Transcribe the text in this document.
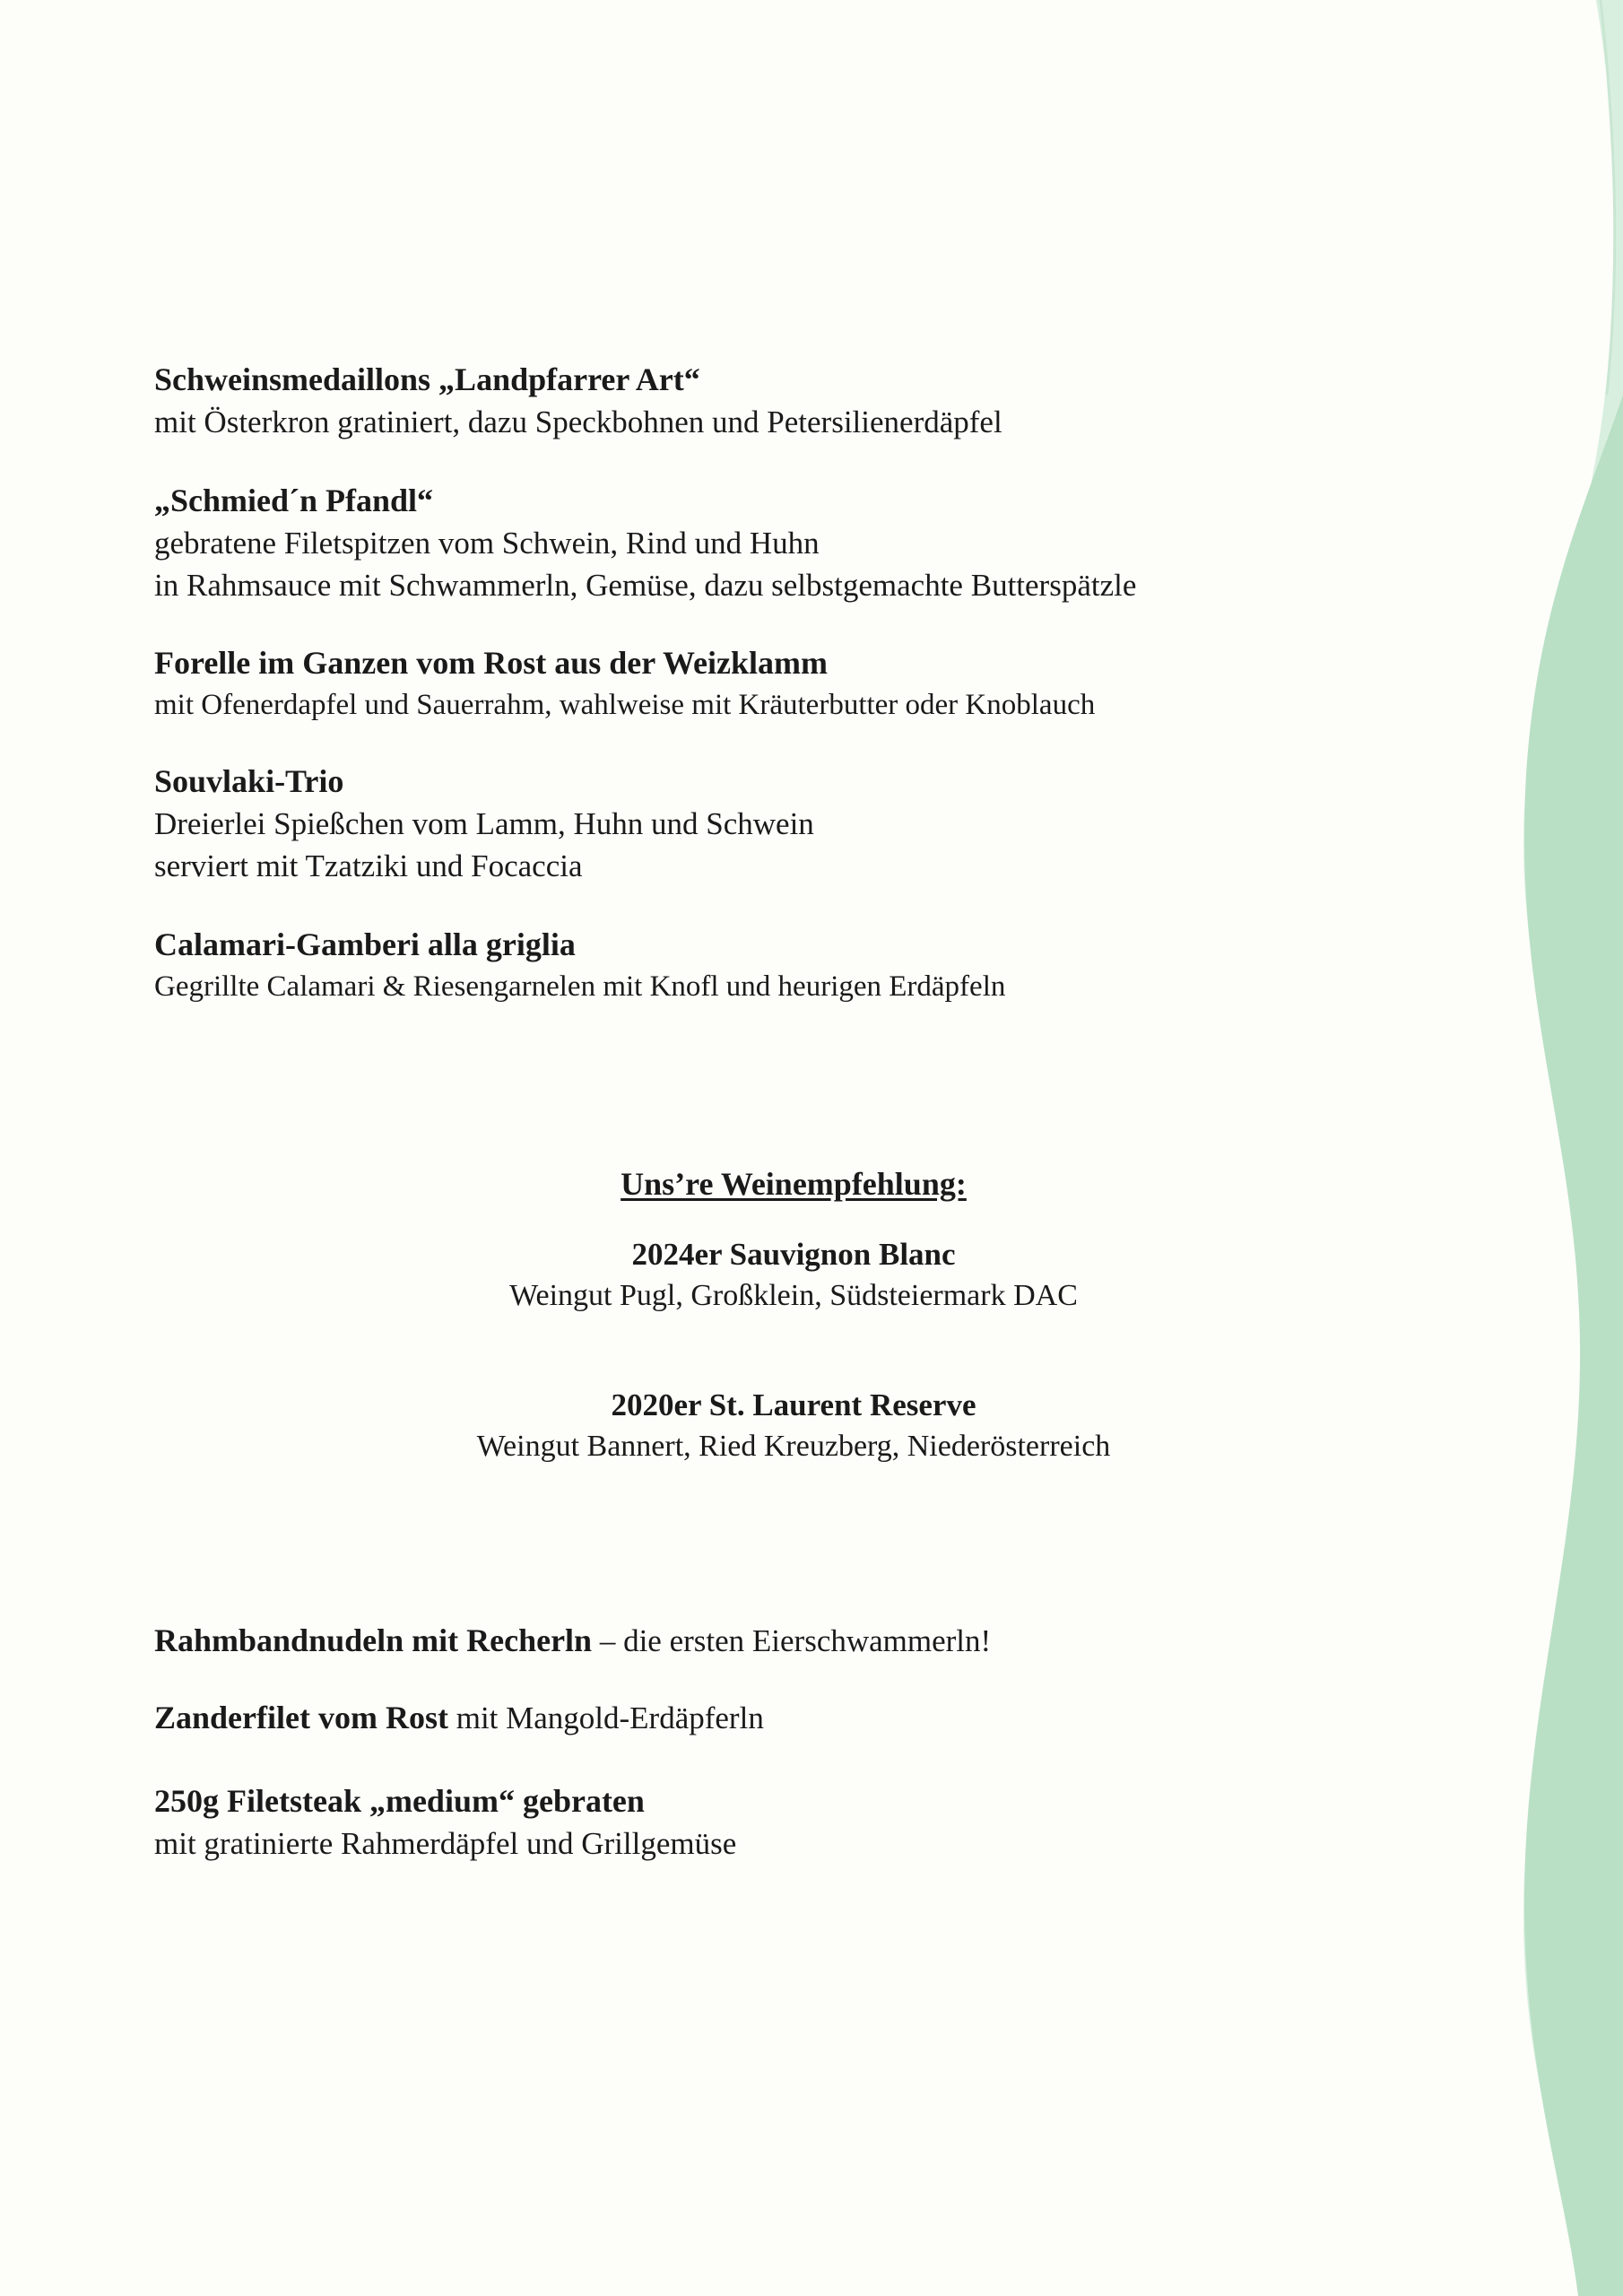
Schweinsmedaillons „Landpfarrer Art“
mit Österkron gratiniert, dazu Speckbohnen und Petersilienerdäpfel
„Schmied´n Pfandl“
gebratene Filetspitzen vom Schwein, Rind und Huhn
in Rahmsauce mit Schwammerln, Gemüse, dazu selbstgemachte Butterspätzle
Forelle im Ganzen vom Rost aus der Weizklamm
mit Ofenerdapfel und Sauerrahm, wahlweise mit Kräuterbutter oder Knoblauch
Souvlaki-Trio
Dreierlei Spießchen vom Lamm, Huhn und Schwein
serviert mit Tzatziki und Focaccia
Calamari-Gamberi alla griglia
Gegrillte Calamari & Riesengarnelen mit Knofl und heurigen Erdäpfeln
Uns’re Weinempfehlung:
2024er Sauvignon Blanc
Weingut Pugl, Großklein, Südsteiermark DAC
2020er St. Laurent Reserve
Weingut Bannert, Ried Kreuzberg, Niederösterreich
Rahmbandnudeln mit Recherln – die ersten Eierschwammerln!
Zanderfilet vom Rost mit Mangold-Erdäpferln
250g Filetsteak „medium“ gebraten
mit gratinierte Rahmerdäpfel und Grillgemüse
